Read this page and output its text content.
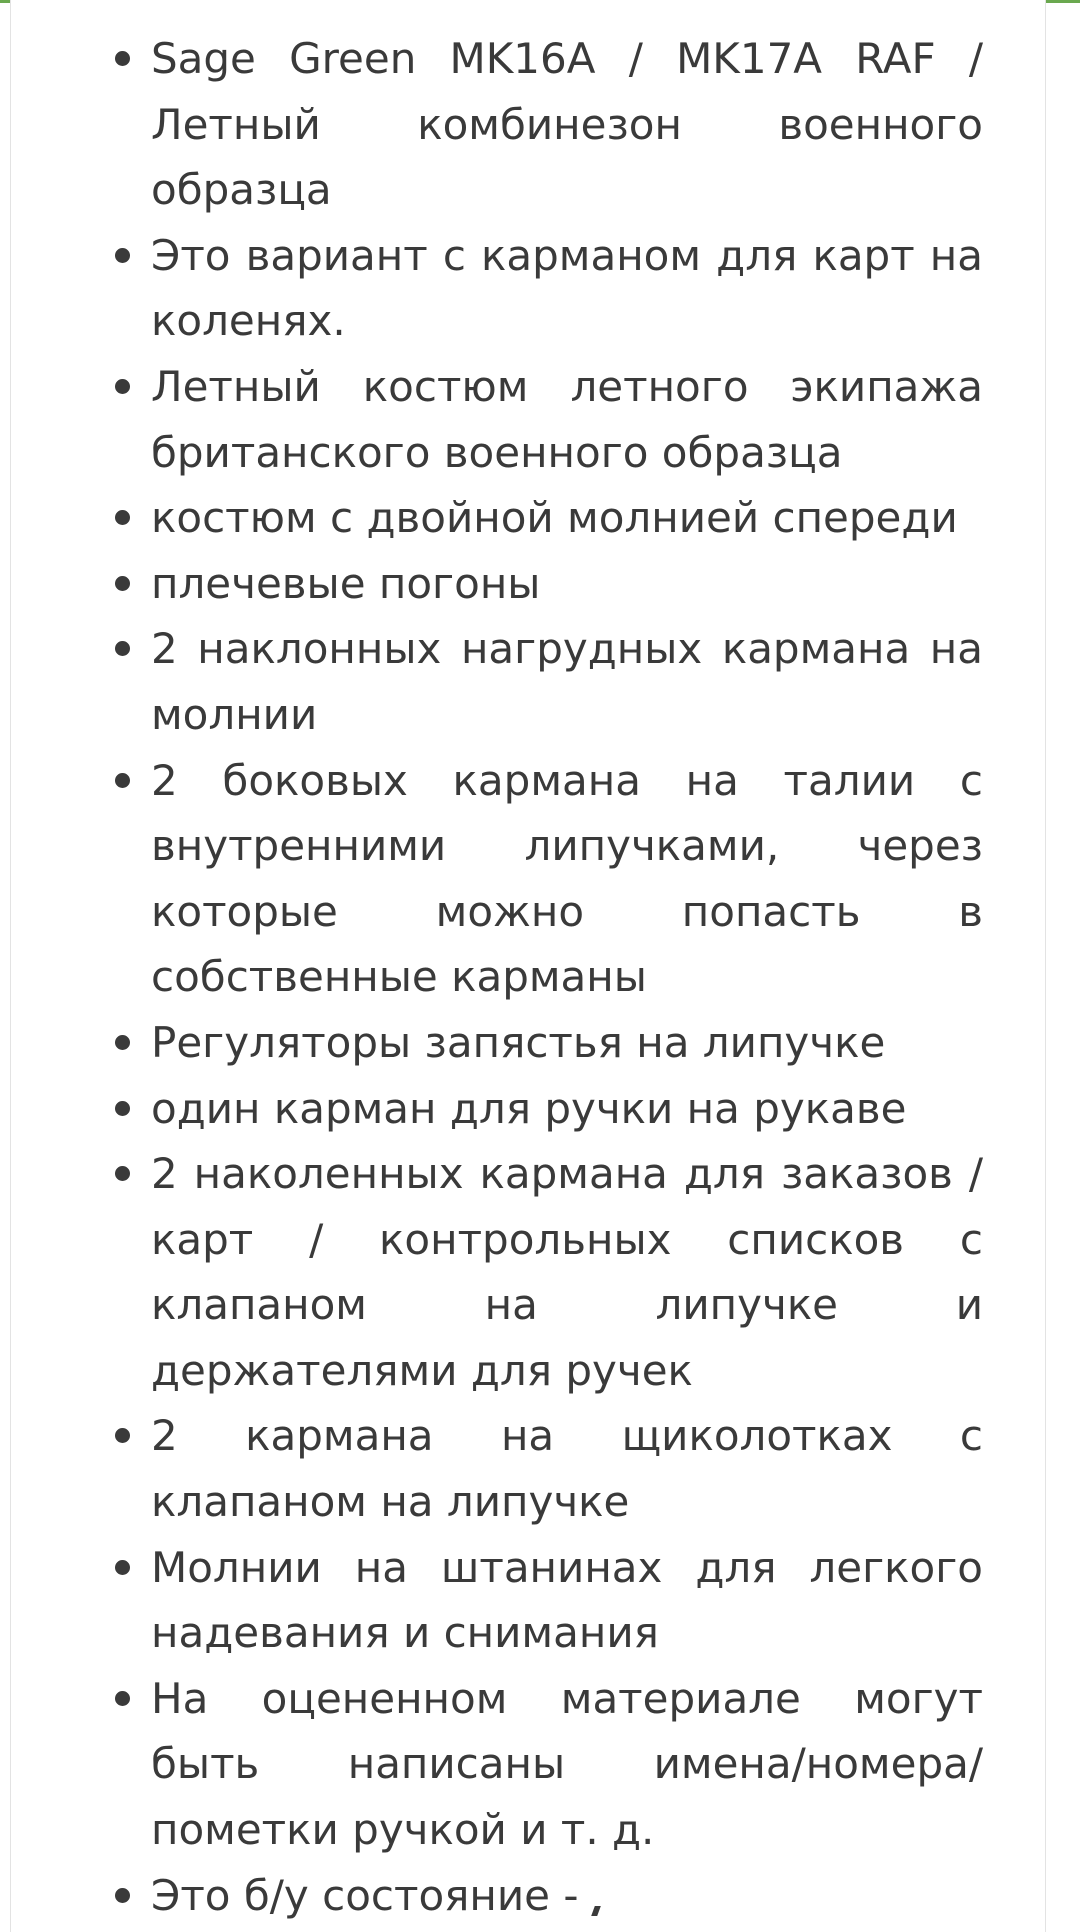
Sage Green MK16A / MK17A RAF / Летный комбинезон военного образца
Это вариант с карманом для карт на коленях.
Летный костюм летного экипажа британского военного образца
костюм с двойной молнией спереди
плечевые погоны
2 наклонных нагрудных кармана на молнии
2 боковых кармана на талии с внутренними липучками, через которые можно попасть в собственные карманы
Регуляторы запястья на липучке
один карман для ручки на рукаве
2 наколенных кармана для заказов / карт / контрольных списков с клапаном на липучке и держателями для ручек
2 кармана на щиколотках с клапаном на липучке
Молнии на штанинах для легкого надевания и снимания
На оцененном материале могут быть написаны имена/номера/пометки ручкой и т. д.
Это б/у состояние -
